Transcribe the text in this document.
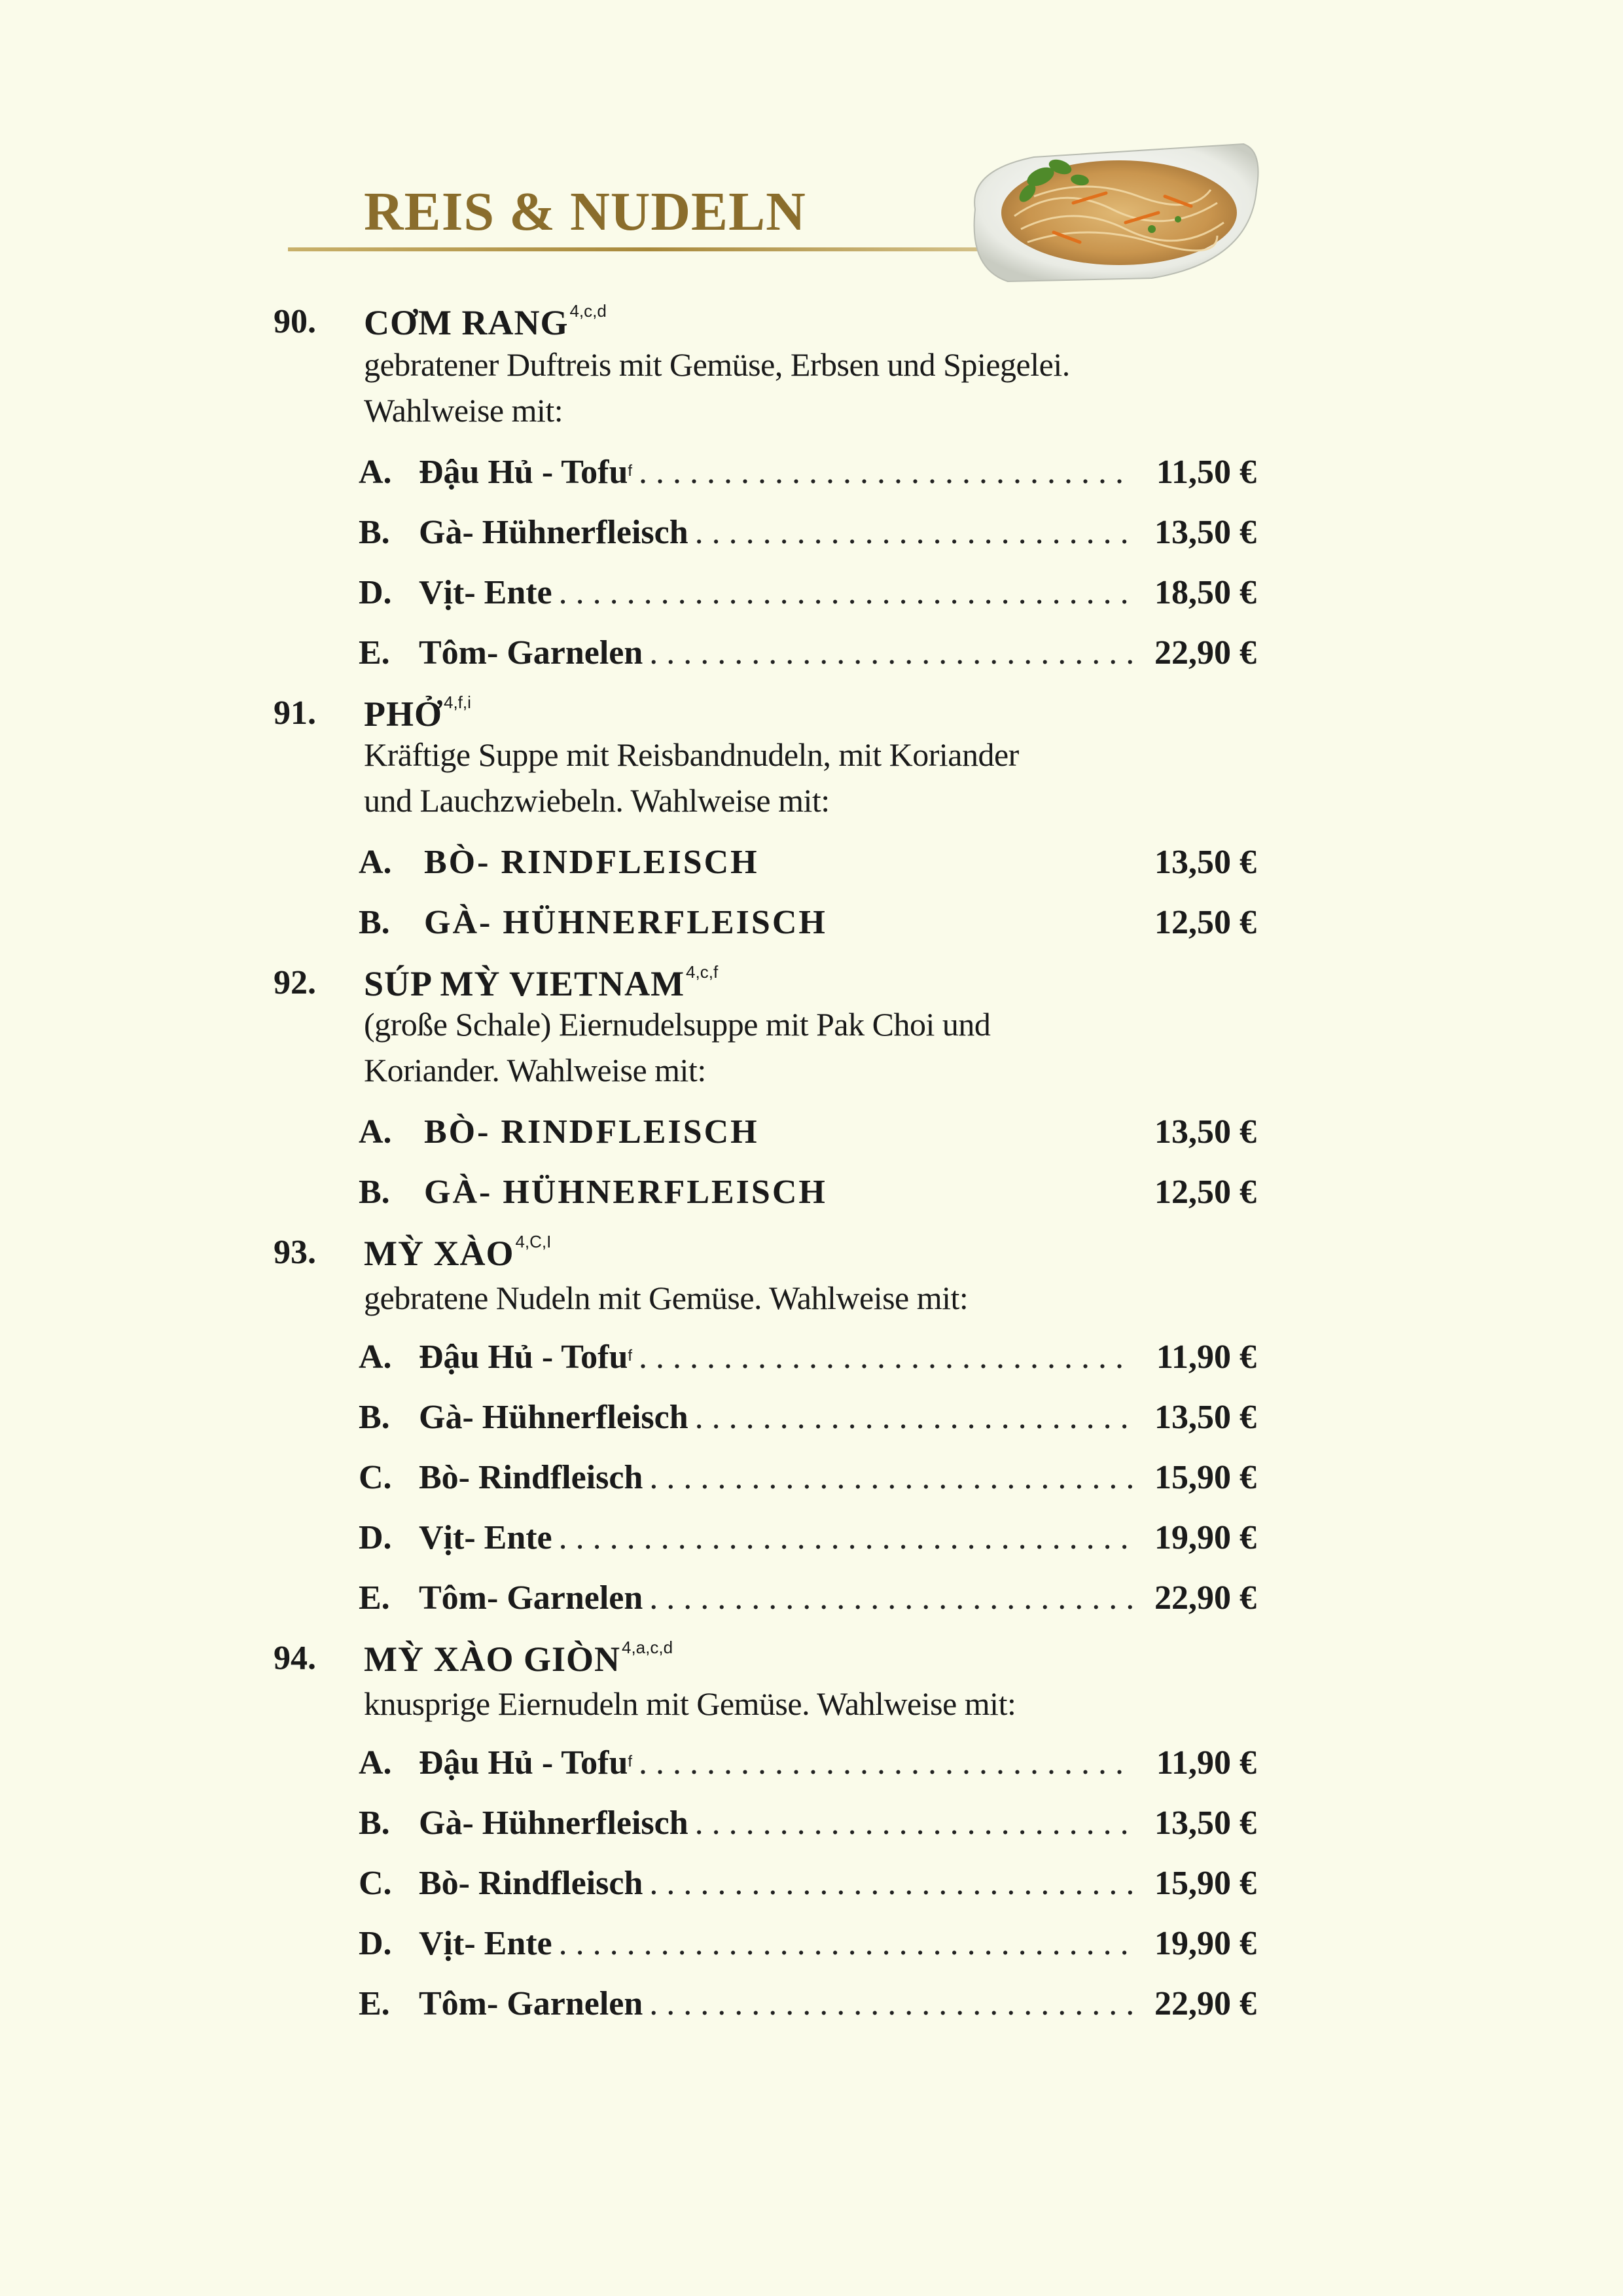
REIS & NUDELN
90. CƠM RANG$^{4,c,d}$
gebratener Duftreis mit Gemüse, Erbsen und Spiegelei.
Wahlweise mit:
A. Đậu Hủ - Tofu$^f$ . . .	11,50 €
B. Gà- Hühnerfleisch . . .	13,50 €
D. Vịt- Ente . . .	18,50 €
E. Tôm- Garnelen . . .	22,90 €
91. PHỞ$^{4,f,i}$
Kräftige Suppe mit Reisbandnudeln, mit Koriander
und Lauchzwiebeln. Wahlweise mit:
A. BÒ- RINDFLEISCH	13,50 €
B.	GÀ- HÜHNERFLEISCH	12,50 €
92. SÚP MỲ VIETNAM$^{4,c,f}$
(große Schale) Eiernudelsuppe mit Pak Choi und
Koriander. Wahlweise mit:
A. BÒ- RINDFLEISCH	13,50 €
B.	GÀ- HÜHNERFLEISCH	12,50 €
93. MỲ $XÀO^{4,C,I}$
gebratene Nudeln mit Gemüse. Wahlweise mit:
A. Đậu Hủ - Tofu$^f$ . . .	11,90 €
B. Gà- Hühnerfleisch . . .	13,50 €
C. Bò- Rindfleisch . . .	15,90 €
D. Vịt- Ente . . .	19,90 €
E. Tôm- Garnelen . . .	22,90 €
94. MỲ XÀO GIÒN$^{4,a,c,d}$
knusprige Eiernudeln mit Gemüse. Wahlweise mit:
A. Đậu Hủ - Tofu$^f$ . . .	11,90 €
B. Gà- Hühnerfleisch . . .	13,50 €
C. Bò- Rindfleisch . . .	15,90 €
D. Vịt- Ente . . .	19,90 €
E. Tôm- Garnelen . . .	22,90 €
